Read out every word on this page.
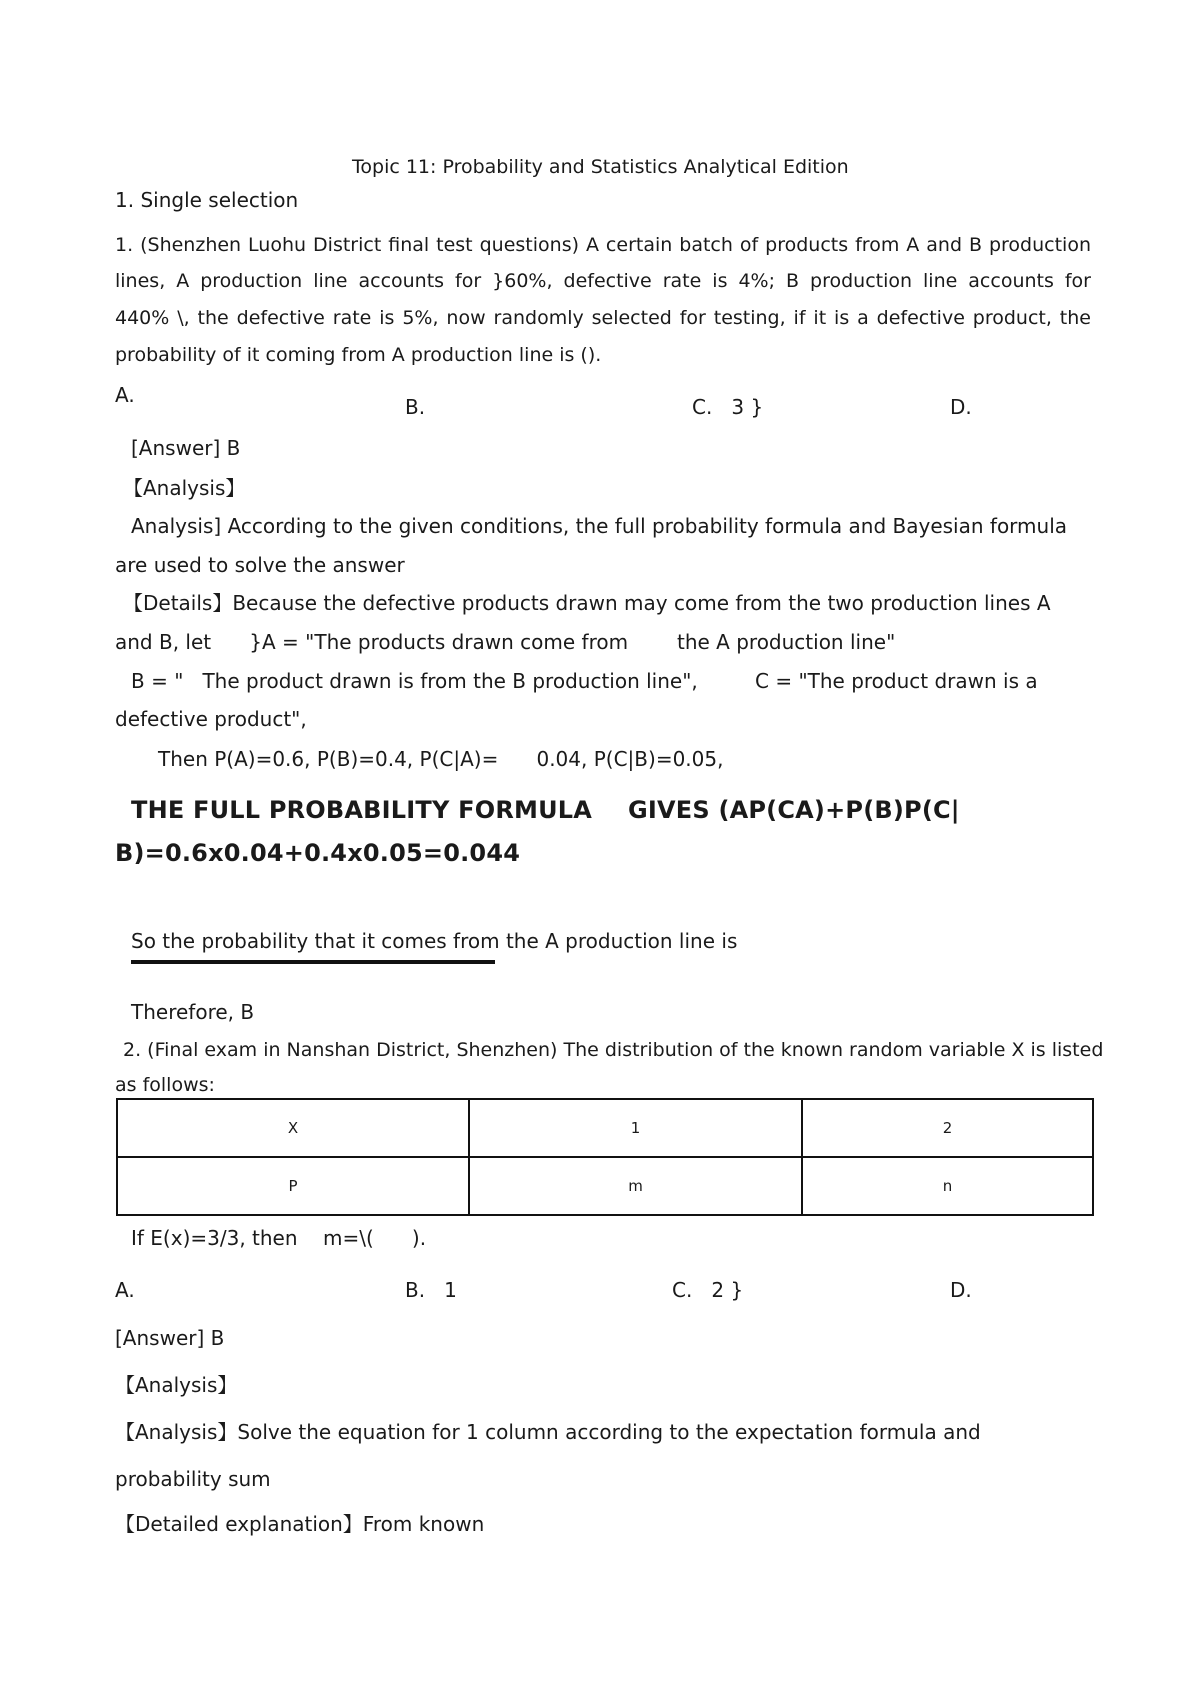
Topic 11: Probability and Statistics Analytical Edition
1. Single selection
1. (Shenzhen Luohu District final test questions) A certain batch of products from A and B production
lines, A production line accounts for }60%, defective rate is 4%; B production line accounts for
440% \, the defective rate is 5%, now randomly selected for testing, if it is a defective product, the
probability of it coming from A production line is ().
A.	B.	C.   3 }	D.
[Answer] B
【Analysis】
Analysis] According to the given conditions, the full probability formula and Bayesian formula
are used to solve the answer
【Details】Because the defective products drawn may come from the two production lines A
and B, let      }A = "The products drawn come from the A production line"
B = "   The product drawn is from the B production line",	C = "The product drawn is a
defective product",
Then P(A)=0.6, P(B)=0.4, P(C|A)=      0.04, P(C|B)=0.05,
THE FULL PROBABILITY FORMULA GIVES (AP(CA)+P(B)P(C|
B)=0.6x0.04+0.4x0.05=0.044
So the probability that it comes from the A production line is
Therefore, B
2. (Final exam in Nanshan District, Shenzhen) The distribution of the known random variable X is listed
as follows:
X	1	2
P	m	n
If E(x)=3/3, then    m=\(      ).
A.	B.   1	C.   2 }	D.
[Answer] B
【Analysis】
【Analysis】Solve the equation for 1 column according to the expectation formula and
probability sum
【Detailed explanation】From known
